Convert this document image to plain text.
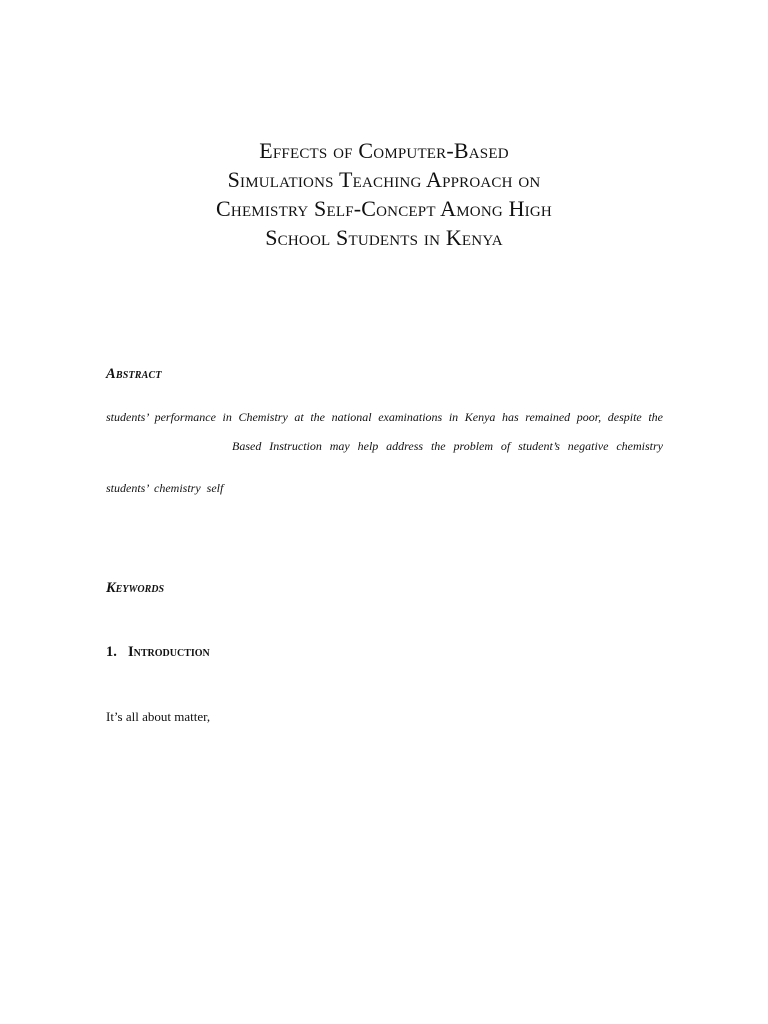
Effects of Computer-Based
Simulations Teaching Approach on
Chemistry Self-Concept Among High
School Students in Kenya
Abstract
students’ performance in Chemistry at the national examinations in Kenya has remained poor, despite the
Based Instruction may help address the problem of student’s negative chemistry
students’ chemistry self
Keywords
1. Introduction
It’s all about matter,
